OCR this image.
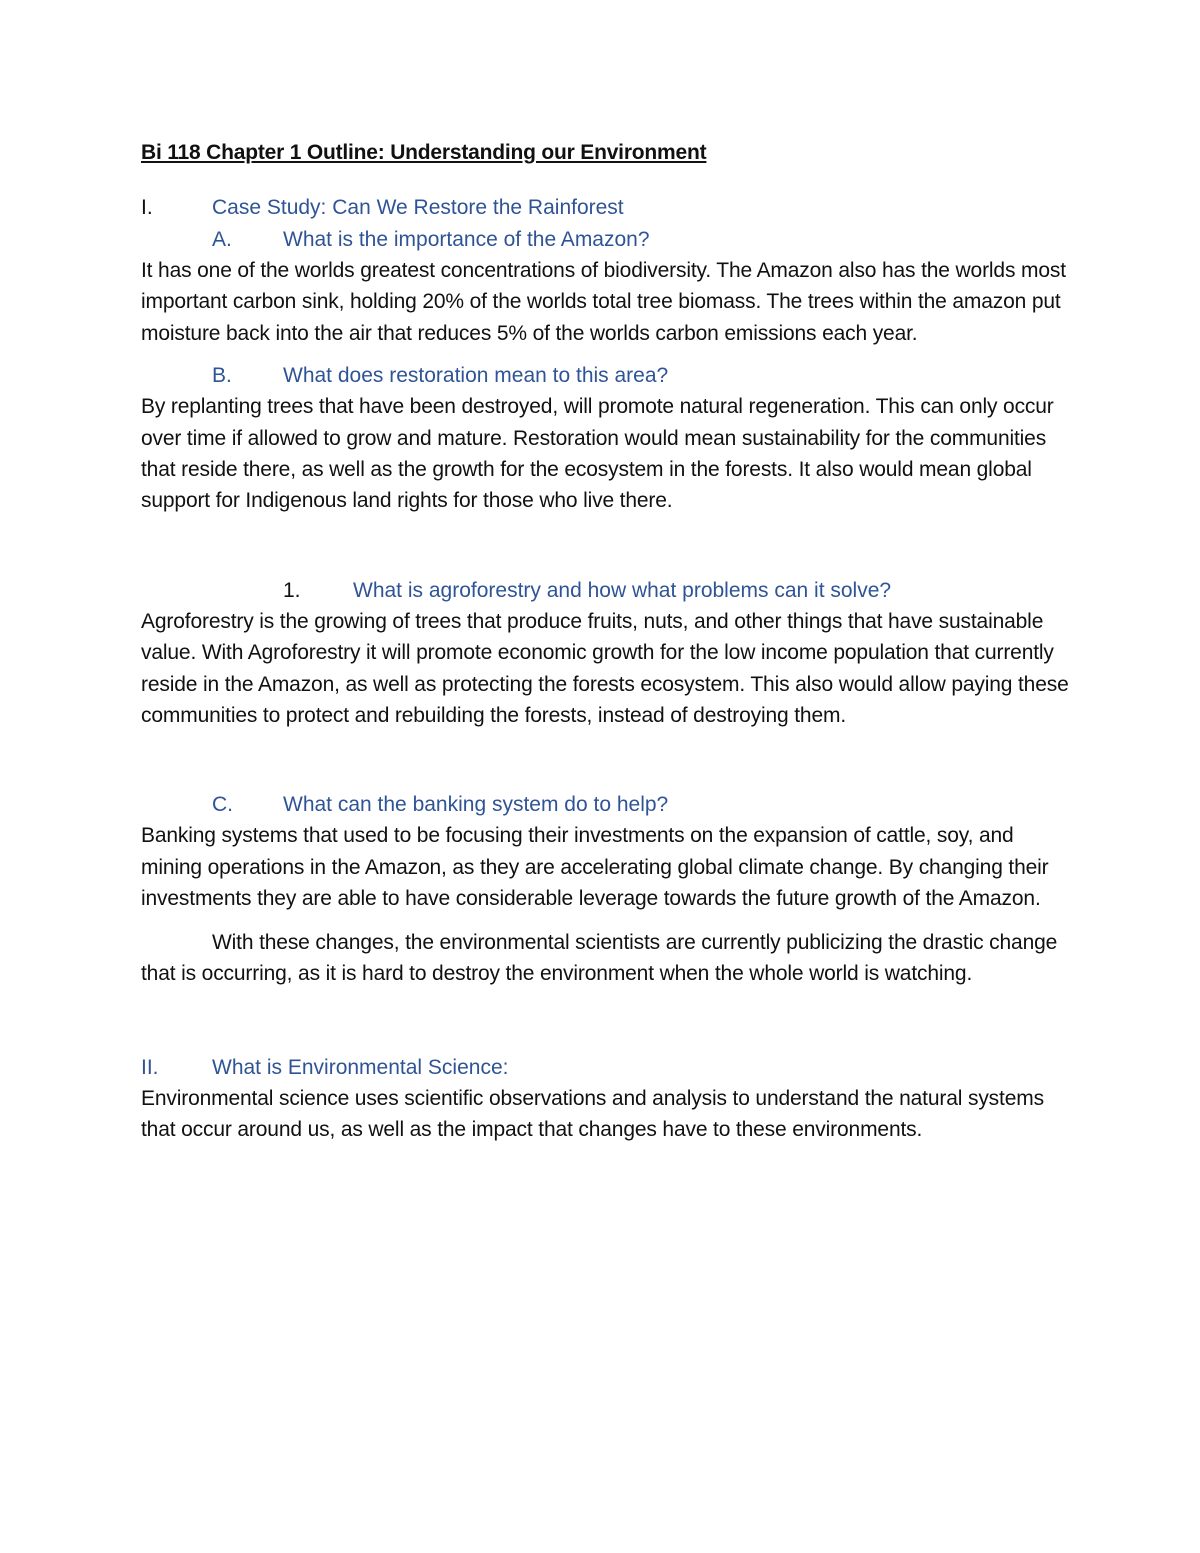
Bi 118 Chapter 1 Outline: Understanding our Environment

I.	Case Study: Can We Restore the Rainforest

A. What is the importance of the Amazon?

It has one of the worlds greatest concentrations of biodiversity. The Amazon also has the worlds most important carbon sink, holding 20% of the worlds total tree biomass. The trees within the amazon put moisture back into the air that reduces 5% of the worlds carbon emissions each year.

B. What does restoration mean to this area?

By replanting trees that have been destroyed, will promote natural regeneration. This can only occur over time if allowed to grow and mature. Restoration would mean sustainability for the communities that reside there, as well as the growth for the ecosystem in the forests. It also would mean global support for Indigenous land rights for those who live there.

1. What is agroforestry and how what problems can it solve?

Agroforestry is the growing of trees that produce fruits, nuts, and other things that have sustainable value. With Agroforestry it will promote economic growth for the low income population that currently reside in the Amazon, as well as protecting the forests ecosystem. This also would allow paying these communities to protect and rebuilding the forests, instead of destroying them.

C. What can the banking system do to help?

Banking systems that used to be focusing their investments on the expansion of cattle, soy, and mining operations in the Amazon, as they are accelerating global climate change. By changing their investments they are able to have considerable leverage towards the future growth of the Amazon.

With these changes, the environmental scientists are currently publicizing the drastic change that is occurring, as it is hard to destroy the environment when the whole world is watching.

II.	What is Environmental Science:

Environmental science uses scientific observations and analysis to understand the natural systems that occur around us, as well as the impact that changes have to these environments.
